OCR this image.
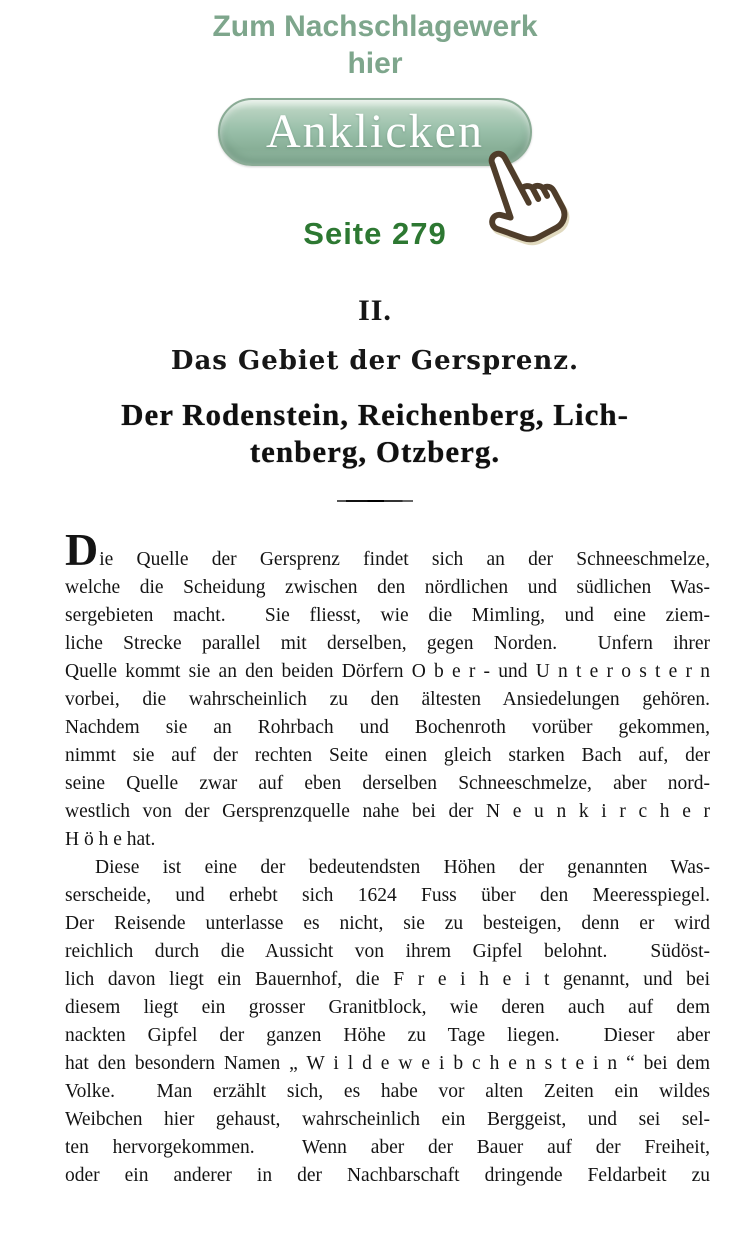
Zum Nachschlagewerk
hier
Anklicken
Seite 279
II.
Das Gebiet der Gersprenz.
Der Rodenstein, Reichenberg, Lich-
tenberg, Otzberg.
Die Quelle der Gersprenz findet sich an der Schneeschmelze,
welche die Scheidung zwischen den nördlichen und südlichen Was-
sergebieten macht.  Sie fliesst, wie die Mimling, und eine ziem-
liche Strecke parallel mit derselben, gegen Norden.  Unfern ihrer
Quelle kommt sie an den beiden Dörfern O b e r - und U n t e r o s t e r n
vorbei, die wahrscheinlich zu den ältesten Ansiedelungen gehören.
Nachdem sie an Rohrbach und Bochenroth vorüber gekommen,
nimmt sie auf der rechten Seite einen gleich starken Bach auf, der
seine Quelle zwar auf eben derselben Schneeschmelze, aber nord-
westlich von der Gersprenzquelle nahe bei der N e u n k i r c h e r
H ö h e hat.
Diese ist eine der bedeutendsten Höhen der genannten Was-
serscheide, und erhebt sich 1624 Fuss über den Meeresspiegel.
Der Reisende unterlasse es nicht, sie zu besteigen, denn er wird
reichlich durch die Aussicht von ihrem Gipfel belohnt.  Südöst-
lich davon liegt ein Bauernhof, die F r e i h e i t genannt, und bei
diesem liegt ein grosser Granitblock, wie deren auch auf dem
nackten Gipfel der ganzen Höhe zu Tage liegen.  Dieser aber
hat den besondern Namen „ W i l d e w e i b c h e n s t e i n “ bei dem
Volke.  Man erzählt sich, es habe vor alten Zeiten ein wildes
Weibchen hier gehaust, wahrscheinlich ein Berggeist, und sei sel-
ten hervorgekommen.  Wenn aber der Bauer auf der Freiheit,
oder ein anderer in der Nachbarschaft dringende Feldarbeit zu
